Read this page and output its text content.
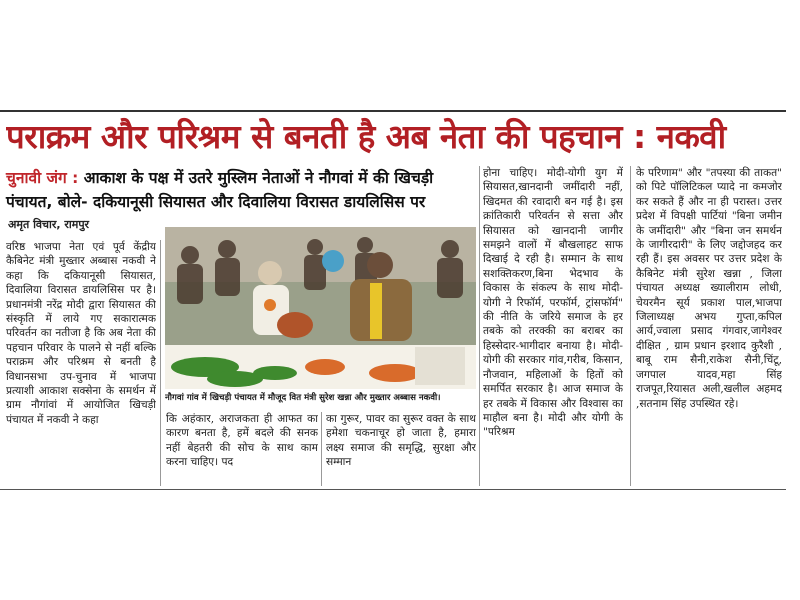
पराक्रम और परिश्रम से बनती है अब नेता की पहचान : नकवी
चुनावी जंग : आकाश के पक्ष में उतरे मुस्लिम नेताओं ने नौगवां में की खिचड़ी पंचायत, बोले- दकियानूसी सियासत और दिवालिया विरासत डायलिसिस पर
अमृत विचार, रामपुर
वरिष्ठ भाजपा नेता एवं पूर्व केंद्रीय कैबिनेट मंत्री मुख्तार अब्बास नकवी ने कहा कि दकियानूसी सियासत, दिवालिया विरासत डायलिसिस पर है। प्रधानमंत्री नरेंद्र मोदी द्वारा सियासत की संस्कृति में लाये गए सकारात्मक परिवर्तन का नतीजा है कि अब नेता की पहचान परिवार के पालने से नहीं बल्कि पराक्रम और परिश्रम से बनती है विधानसभा उप-चुनाव में भाजपा प्रत्याशी आकाश सक्सेना के समर्थन में ग्राम नौगांवां में आयोजित खिचड़ी पंचायत में नकवी ने कहा
नौगवां गांव में खिचड़ी पंचायत में मौजूद वित मंत्री सुरेश खन्ना और मुख्तार अब्बास नकवी।
कि अहंकार, अराजकता ही आफत का कारण बनता है, हमें बदले की सनक नहीं बेहतरी की सोच के साथ काम करना चाहिए। पद
का गुरूर, पावर का सुरूर वक्त के साथ हमेशा चकनाचूर हो जाता है, हमारा लक्ष्य समाज की समृद्धि, सुरक्षा और सम्मान
होना चाहिए। मोदी-योगी युग में सियासत,खानदानी जमींदारी नहीं, खिदमत की रवादारी बन गई है। इस क्रांतिकारी परिवर्तन से सत्ता और सियासत को खानदानी जागीर समझने वालों में बौखलाहट साफ दिखाई दे रही है। सम्मान के साथ सशक्तिकरण,बिना भेदभाव के विकास के संकल्प के साथ मोदी-योगी ने रिफॉर्म, परफॉर्म, ट्रांसफॉर्म" की नीति के जरिये समाज के हर तबके को तरक्की का बराबर का हिस्सेदार-भागीदार बनाया है। मोदी-योगी की सरकार गांव,गरीब, किसान, नौजवान, महिलाओं के हितों को समर्पित सरकार है। आज समाज के हर तबके में विकास और विश्वास का माहौल बना है। मोदी और योगी के "परिश्रम
के परिणाम" और "तपस्या की ताकत" को पिटे पॉलिटिकल प्यादे ना कमजोर कर सकते हैं और ना ही परास्त। उत्तर प्रदेश में विपक्षी पार्टियां "बिना जमीन के जमींदारी" और "बिना जन समर्थन के जागीरदारी" के लिए जद्दोजहद कर रही हैं। इस अवसर पर उत्तर प्रदेश के कैबिनेट मंत्री सुरेश खन्ना , जिला पंचायत अध्यक्ष ख्यालीराम लोधी, चेयरमैन सूर्य प्रकाश पाल,भाजपा जिलाध्यक्ष अभय गुप्ता,कपिल आर्य,ज्वाला प्रसाद गंगवार,जागेश्वर दीक्षित , ग्राम प्रधान इरशाद कुरैशी , बाबू राम सैनी,राकेश सैनी,चिंटू, जगपाल यादव,महा सिंह राजपूत,रियासत अली,खलील अहमद ,सतनाम सिंह उपस्थित रहे।
